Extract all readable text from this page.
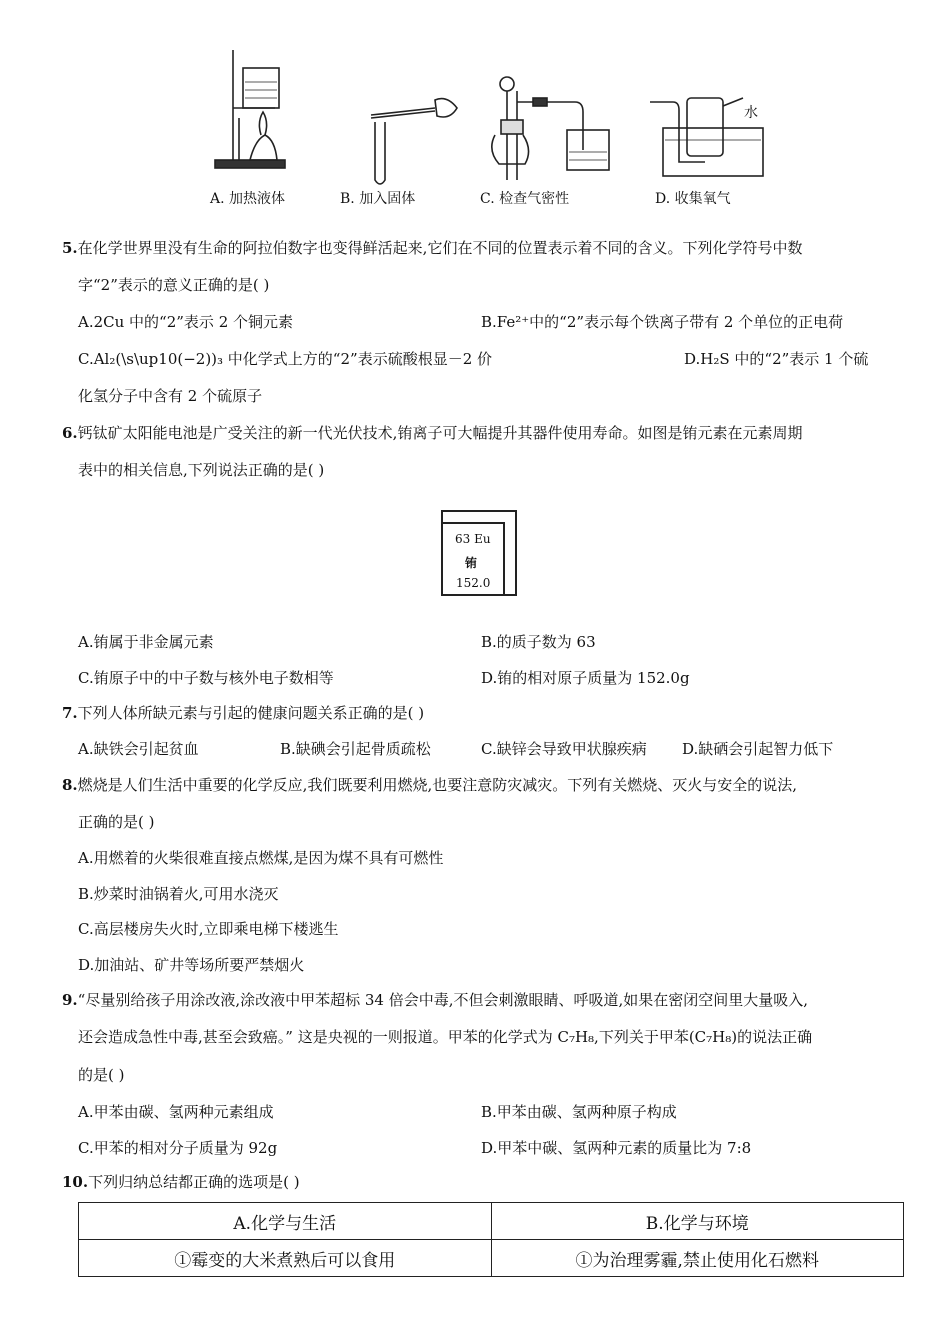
水
A. 加热液体	B. 加入固体	C. 检查气密性	D. 收集氧气
5.在化学世界里没有生命的阿拉伯数字也变得鲜活起来,它们在不同的位置表示着不同的含义。下列化学符号中数
字“2”表示的意义正确的是( )
A.2Cu 中的“2”表示 2 个铜元素	B.Fe²⁺中的“2”表示每个铁离子带有 2 个单位的正电荷
C.Al₂(\s\up10(−2))₃ 中化学式上方的“2”表示硫酸根显－2 价	D.H₂S 中的“2”表示 1 个硫
化氢分子中含有 2 个硫原子
6.钙钛矿太阳能电池是广受关注的新一代光伏技术,铕离子可大幅提升其器件使用寿命。如图是铕元素在元素周期
表中的相关信息,下列说法正确的是( )
63 Eu
铕
152.0
A.铕属于非金属元素	B.的质子数为 63
C.铕原子中的中子数与核外电子数相等	D.铕的相对原子质量为 152.0g
7.下列人体所缺元素与引起的健康问题关系正确的是( )
A.缺铁会引起贫血	B.缺碘会引起骨质疏松	C.缺锌会导致甲状腺疾病 D.缺硒会引起智力低下
8.燃烧是人们生活中重要的化学反应,我们既要利用燃烧,也要注意防灾减灾。下列有关燃烧、灭火与安全的说法,
正确的是( )
A.用燃着的火柴很难直接点燃煤,是因为煤不具有可燃性
B.炒菜时油锅着火,可用水浇灭
C.高层楼房失火时,立即乘电梯下楼逃生
D.加油站、矿井等场所要严禁烟火
9.“尽量别给孩子用涂改液,涂改液中甲苯超标 34 倍会中毒,不但会刺激眼睛、呼吸道,如果在密闭空间里大量吸入,
还会造成急性中毒,甚至会致癌。” 这是央视的一则报道。甲苯的化学式为 C₇H₈,下列关于甲苯(C₇H₈)的说法正确
的是( )
A.甲苯由碳、氢两种元素组成	B.甲苯由碳、氢两种原子构成
C.甲苯的相对分子质量为 92g	D.甲苯中碳、氢两种元素的质量比为 7:8
10.下列归纳总结都正确的选项是( )
A.化学与生活	B.化学与环境
①霉变的大米煮熟后可以食用	①为治理雾霾,禁止使用化石燃料
